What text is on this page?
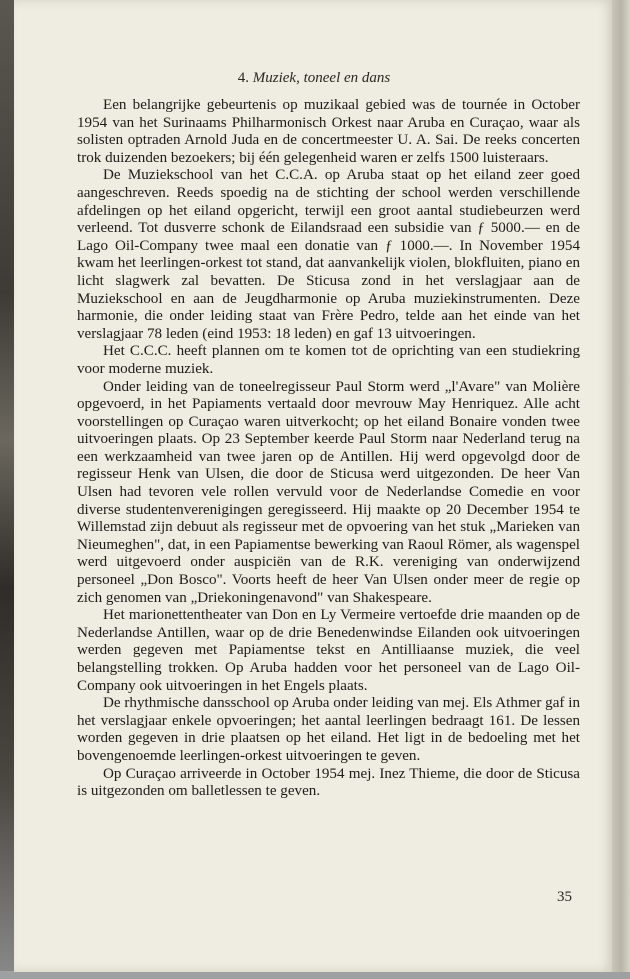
4. Muziek, toneel en dans

Een belangrijke gebeurtenis op muzikaal gebied was de tournée in October 1954 van het Surinaams Philharmonisch Orkest naar Aruba en Curaçao, waar als solisten optraden Arnold Juda en de concertmeester U. A. Sai. De reeks concerten trok duizenden bezoekers; bij één gelegenheid waren er zelfs 1500 luisteraars.

De Muziekschool van het C.C.A. op Aruba staat op het eiland zeer goed aangeschreven. Reeds spoedig na de stichting der school werden verschillende afdelingen op het eiland opgericht, terwijl een groot aantal studiebeurzen werd verleend. Tot dusverre schonk de Eilandsraad een subsidie van ƒ 5000.— en de Lago Oil-Company twee maal een donatie van ƒ 1000.—. In November 1954 kwam het leerlingen-orkest tot stand, dat aanvankelijk violen, blokfluiten, piano en licht slagwerk zal bevatten. De Sticusa zond in het verslagjaar aan de Muziekschool en aan de Jeugdharmonie op Aruba muziekinstrumenten. Deze harmonie, die onder leiding staat van Frère Pedro, telde aan het einde van het verslagjaar 78 leden (eind 1953: 18 leden) en gaf 13 uitvoeringen.

Het C.C.C. heeft plannen om te komen tot de oprichting van een studiekring voor moderne muziek.

Onder leiding van de toneelregisseur Paul Storm werd „l'Avare" van Molière opgevoerd, in het Papiaments vertaald door mevrouw May Henriquez. Alle acht voorstellingen op Curaçao waren uitverkocht; op het eiland Bonaire vonden twee uitvoeringen plaats. Op 23 September keerde Paul Storm naar Nederland terug na een werkzaamheid van twee jaren op de Antillen. Hij werd opgevolgd door de regisseur Henk van Ulsen, die door de Sticusa werd uitgezonden. De heer Van Ulsen had tevoren vele rollen vervuld voor de Nederlandse Comedie en voor diverse studentenverenigingen geregisseerd. Hij maakte op 20 December 1954 te Willemstad zijn debuut als regisseur met de opvoering van het stuk „Marieken van Nieumeghen", dat, in een Papiamentse bewerking van Raoul Römer, als wagenspel werd uitgevoerd onder auspiciën van de R.K. vereniging van onderwijzend personeel „Don Bosco". Voorts heeft de heer Van Ulsen onder meer de regie op zich genomen van „Driekoningenavond" van Shakespeare.

Het marionettentheater van Don en Ly Vermeire vertoefde drie maanden op de Nederlandse Antillen, waar op de drie Benedenwindse Eilanden ook uitvoeringen werden gegeven met Papiamentse tekst en Antilliaanse muziek, die veel belangstelling trokken. Op Aruba hadden voor het personeel van de Lago Oil-Company ook uitvoeringen in het Engels plaats.

De rhythmische dansschool op Aruba onder leiding van mej. Els Athmer gaf in het verslagjaar enkele opvoeringen; het aantal leerlingen bedraagt 161. De lessen worden gegeven in drie plaatsen op het eiland. Het ligt in de bedoeling met het bovengenoemde leerlingen-orkest uitvoeringen te geven.

Op Curaçao arriveerde in October 1954 mej. Inez Thieme, die door de Sticusa is uitgezonden om balletlessen te geven.

35
